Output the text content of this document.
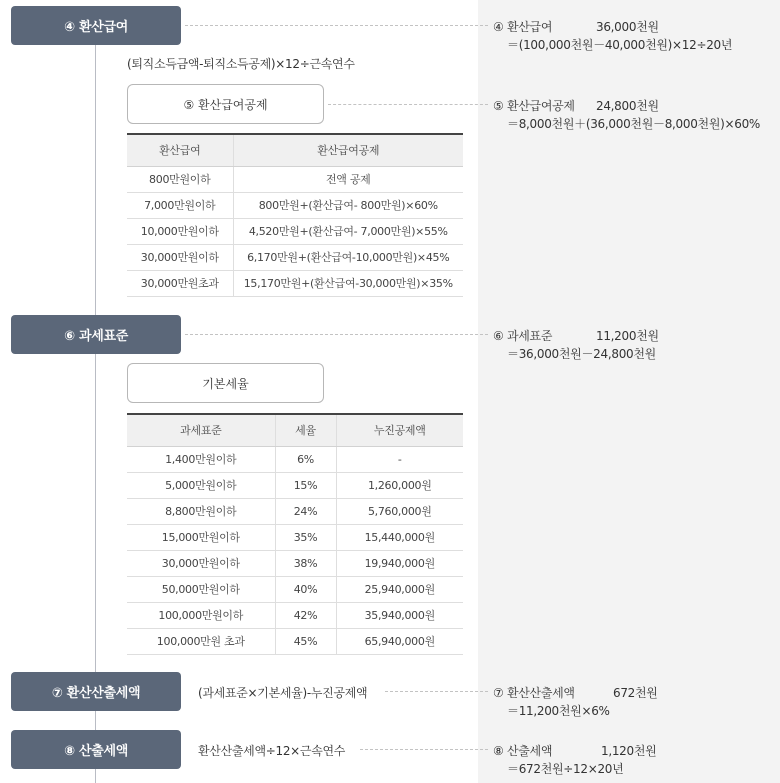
④ 환산급여
(퇴직소득금액-퇴직소득공제)×12÷근속연수
⑤ 환산급여공제
환산급여	환산급여공제
800만원이하	전액 공제
7,000만원이하	800만원+(환산급여- 800만원)×60%
10,000만원이하	4,520만원+(환산급여- 7,000만원)×55%
30,000만원이하	6,170만원+(환산급여-10,000만원)×45%
30,000만원초과	15,170만원+(환산급여-30,000만원)×35%
⑥ 과세표준
기본세율
과세표준	세율	누진공제액
1,400만원이하	6%	-
5,000만원이하	15%	1,260,000원
8,800만원이하	24%	5,760,000원
15,000만원이하	35%	15,440,000원
30,000만원이하	38%	19,940,000원
50,000만원이하	40%	25,940,000원
100,000만원이하	42%	35,940,000원
100,000만원 초과	45%	65,940,000원
⑦ 환산산출세액	(과세표준×기본세율)-누진공제액
⑧ 산출세액	환산산출세액÷12×근속연수
④ 환산급여	36,000천원
＝(100,000천원－40,000천원)×12÷20년
⑤ 환산급여공제 24,800천원
＝8,000천원＋(36,000천원－8,000천원)×60%
⑥ 과세표준	11,200천원
＝36,000천원－24,800천원
⑦ 환산산출세액	672천원
＝11,200천원×6%
⑧ 산출세액	1,120천원
＝672천원÷12×20년
